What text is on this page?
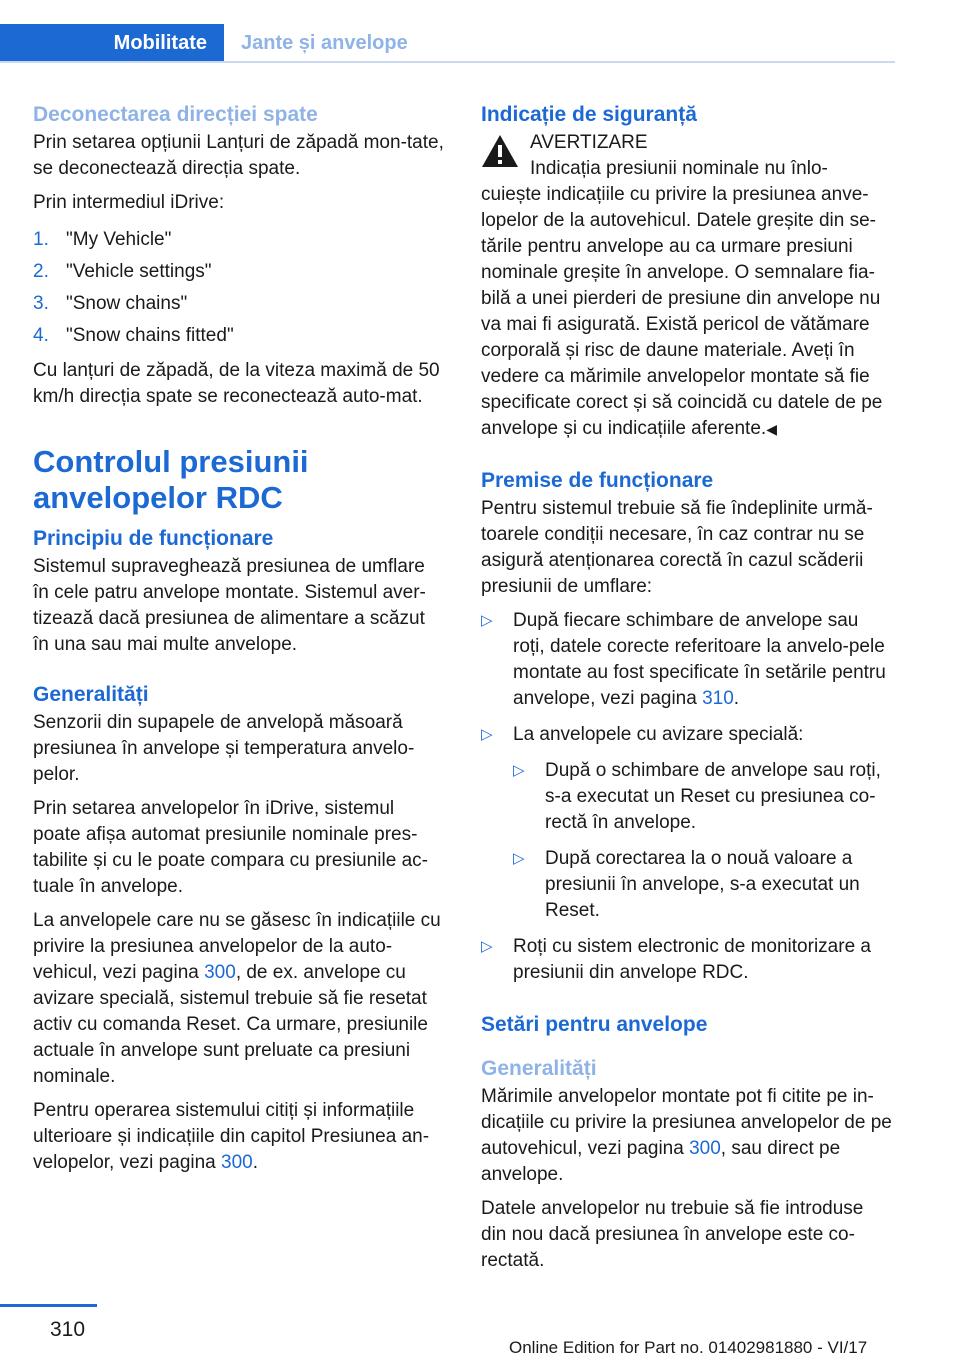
Mobilitate	Jante și anvelope
Deconectarea direcției spate

Prin setarea opțiunii Lanțuri de zăpadă mon‐tate, se deconectează direcția spate.

Prin intermediul iDrive:

1. "My Vehicle"
2. "Vehicle settings"
3. "Snow chains"
4. "Snow chains fitted"

Cu lanțuri de zăpadă, de la viteza maximă de 50 km/h direcția spate se reconectează auto‐mat.

Controlul presiunii anvelopelor RDC
Principiu de funcționare

Sistemul supraveghează presiunea de umflare în cele patru anvelope montate. Sistemul aver‐tizează dacă presiunea de alimentare a scăzut în una sau mai multe anvelope.

Generalități

Senzorii din supapele de anvelopă măsoară presiunea în anvelope și temperatura anvelo‐pelor.

Prin setarea anvelopelor în iDrive, sistemul poate afișa automat presiunile nominale pres‐tabilite și cu le poate compara cu presiunile ac‐tuale în anvelope.

La anvelopele care nu se găsesc în indicațiile cu privire la presiunea anvelopelor de la auto‐vehicul, vezi pagina 300, de ex. anvelope cu avizare specială, sistemul trebuie să fie resetat activ cu comanda Reset. Ca urmare, presiunile actuale în anvelope sunt preluate ca presiuni nominale.

Pentru operarea sistemului citiți și informațiile ulterioare și indicațiile din capitol Presiunea an‐velopelor, vezi pagina 300.

Indicație de siguranță
AVERTIZARE
Indicația presiunii nominale nu înlo‐
cuiește indicațiile cu privire la presiunea anve‐lopelor de la autovehicul. Datele greșite din se‐tările pentru anvelope au ca urmare presiuni nominale greșite în anvelope. O semnalare fia‐bilă a unei pierderi de presiune din anvelope nu va mai fi asigurată. Există pericol de vătămare corporală și risc de daune materiale. Aveți în vedere ca mărimile anvelopelor montate să fie specificate corect și să coincidă cu datele de pe anvelope și cu indicațiile aferente.◀
Premise de funcționare

Pentru sistemul trebuie să fie îndeplinite urmă‐toarele condiții necesare, în caz contrar nu se asigură atenționarea corectă în cazul scăderii presiunii de umflare:

▷ După fiecare schimbare de anvelope sau roți, datele corecte referitoare la anvelo‐pele montate au fost specificate în setările pentru anvelope, vezi pagina 310.
▷ La anvelopele cu avizare specială:
▷ După o schimbare de anvelope sau roți, s-a executat un Reset cu presiunea co‐rectă în anvelope.
▷ După corectarea la o nouă valoare a presiunii în anvelope, s-a executat un Reset.
▷ Roți cu sistem electronic de monitorizare a presiunii din anvelope RDC.
Setări pentru anvelope
Generalități

Mărimile anvelopelor montate pot fi citite pe in‐dicațiile cu privire la presiunea anvelopelor de pe autovehicul, vezi pagina 300, sau direct pe anvelope.

Datele anvelopelor nu trebuie să fie introduse din nou dacă presiunea în anvelope este co‐rectată.

310
Online Edition for Part no. 01402981880 - VI/17
